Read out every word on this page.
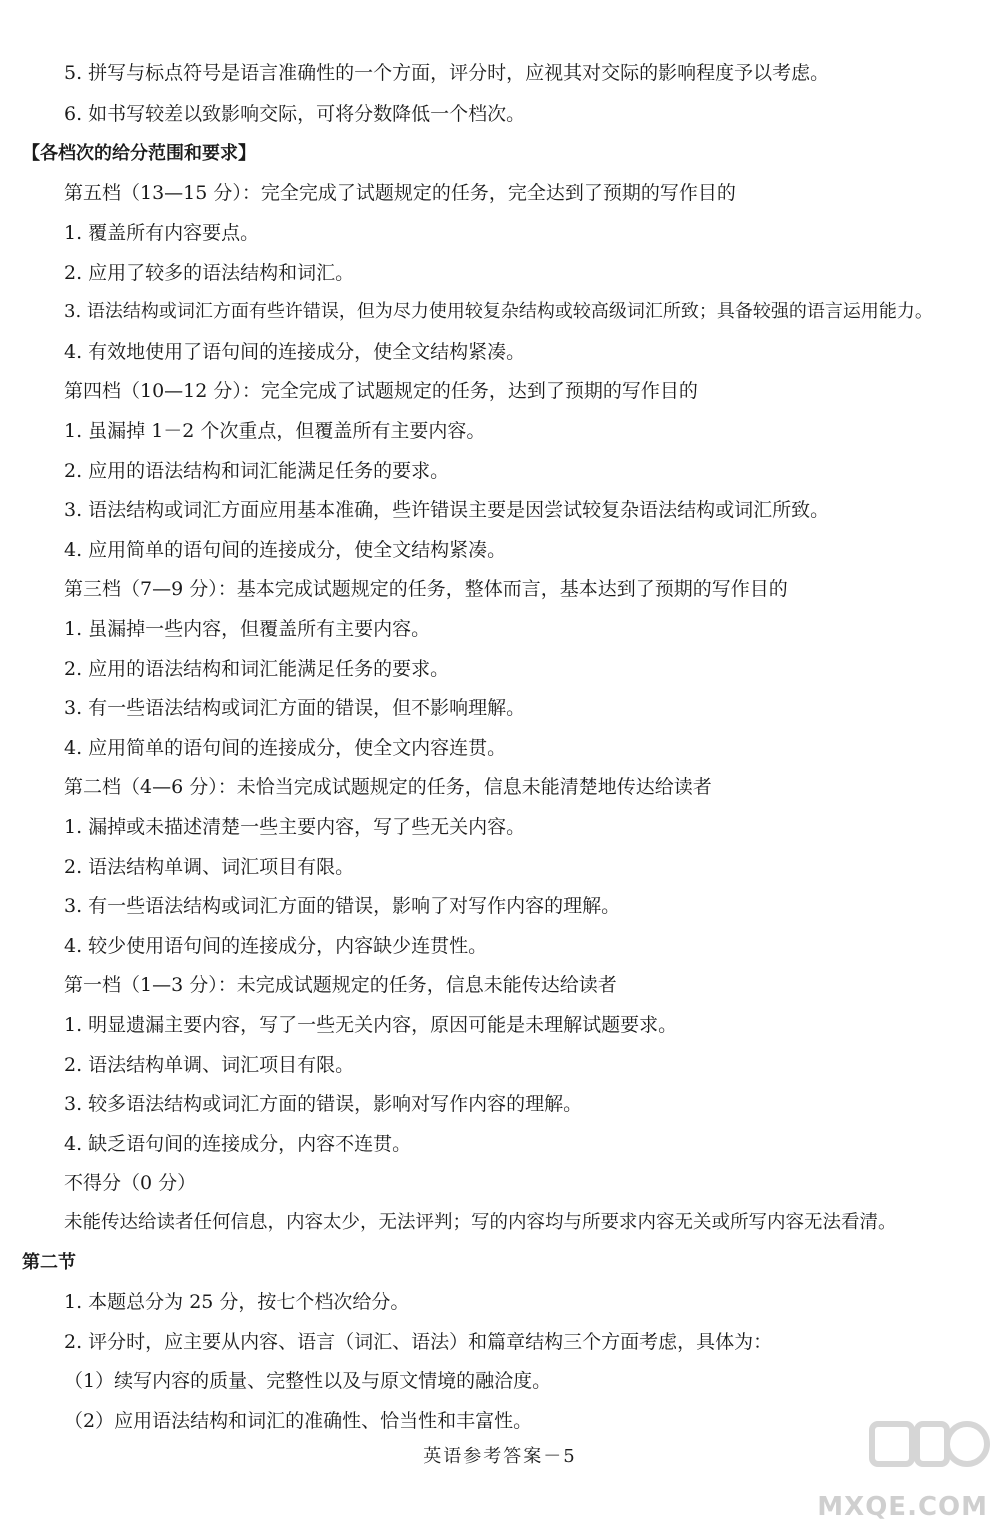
5. 拼写与标点符号是语言准确性的一个方面，评分时，应视其对交际的影响程度予以考虑。
6. 如书写较差以致影响交际，可将分数降低一个档次。
【各档次的给分范围和要求】
第五档（13—15 分）：完全完成了试题规定的任务，完全达到了预期的写作目的
1. 覆盖所有内容要点。
2. 应用了较多的语法结构和词汇。
3. 语法结构或词汇方面有些许错误，但为尽力使用较复杂结构或较高级词汇所致；具备较强的语言运用能力。
4. 有效地使用了语句间的连接成分，使全文结构紧凑。
第四档（10—12 分）：完全完成了试题规定的任务，达到了预期的写作目的
1. 虽漏掉 1－2 个次重点，但覆盖所有主要内容。
2. 应用的语法结构和词汇能满足任务的要求。
3. 语法结构或词汇方面应用基本准确，些许错误主要是因尝试较复杂语法结构或词汇所致。
4. 应用简单的语句间的连接成分，使全文结构紧凑。
第三档（7—9 分）：基本完成试题规定的任务，整体而言，基本达到了预期的写作目的
1. 虽漏掉一些内容，但覆盖所有主要内容。
2. 应用的语法结构和词汇能满足任务的要求。
3. 有一些语法结构或词汇方面的错误，但不影响理解。
4. 应用简单的语句间的连接成分，使全文内容连贯。
第二档（4—6 分）：未恰当完成试题规定的任务，信息未能清楚地传达给读者
1. 漏掉或未描述清楚一些主要内容，写了些无关内容。
2. 语法结构单调、词汇项目有限。
3. 有一些语法结构或词汇方面的错误，影响了对写作内容的理解。
4. 较少使用语句间的连接成分，内容缺少连贯性。
第一档（1—3 分）：未完成试题规定的任务，信息未能传达给读者
1. 明显遗漏主要内容，写了一些无关内容，原因可能是未理解试题要求。
2. 语法结构单调、词汇项目有限。
3. 较多语法结构或词汇方面的错误，影响对写作内容的理解。
4. 缺乏语句间的连接成分，内容不连贯。
不得分（0 分）
未能传达给读者任何信息，内容太少，无法评判；写的内容均与所要求内容无关或所写内容无法看清。
第二节
1. 本题总分为 25 分，按七个档次给分。
2. 评分时，应主要从内容、语言（词汇、语法）和篇章结构三个方面考虑，具体为：
（1）续写内容的质量、完整性以及与原文情境的融洽度。
（2）应用语法结构和词汇的准确性、恰当性和丰富性。
英语参考答案－5
MXQE.COM
